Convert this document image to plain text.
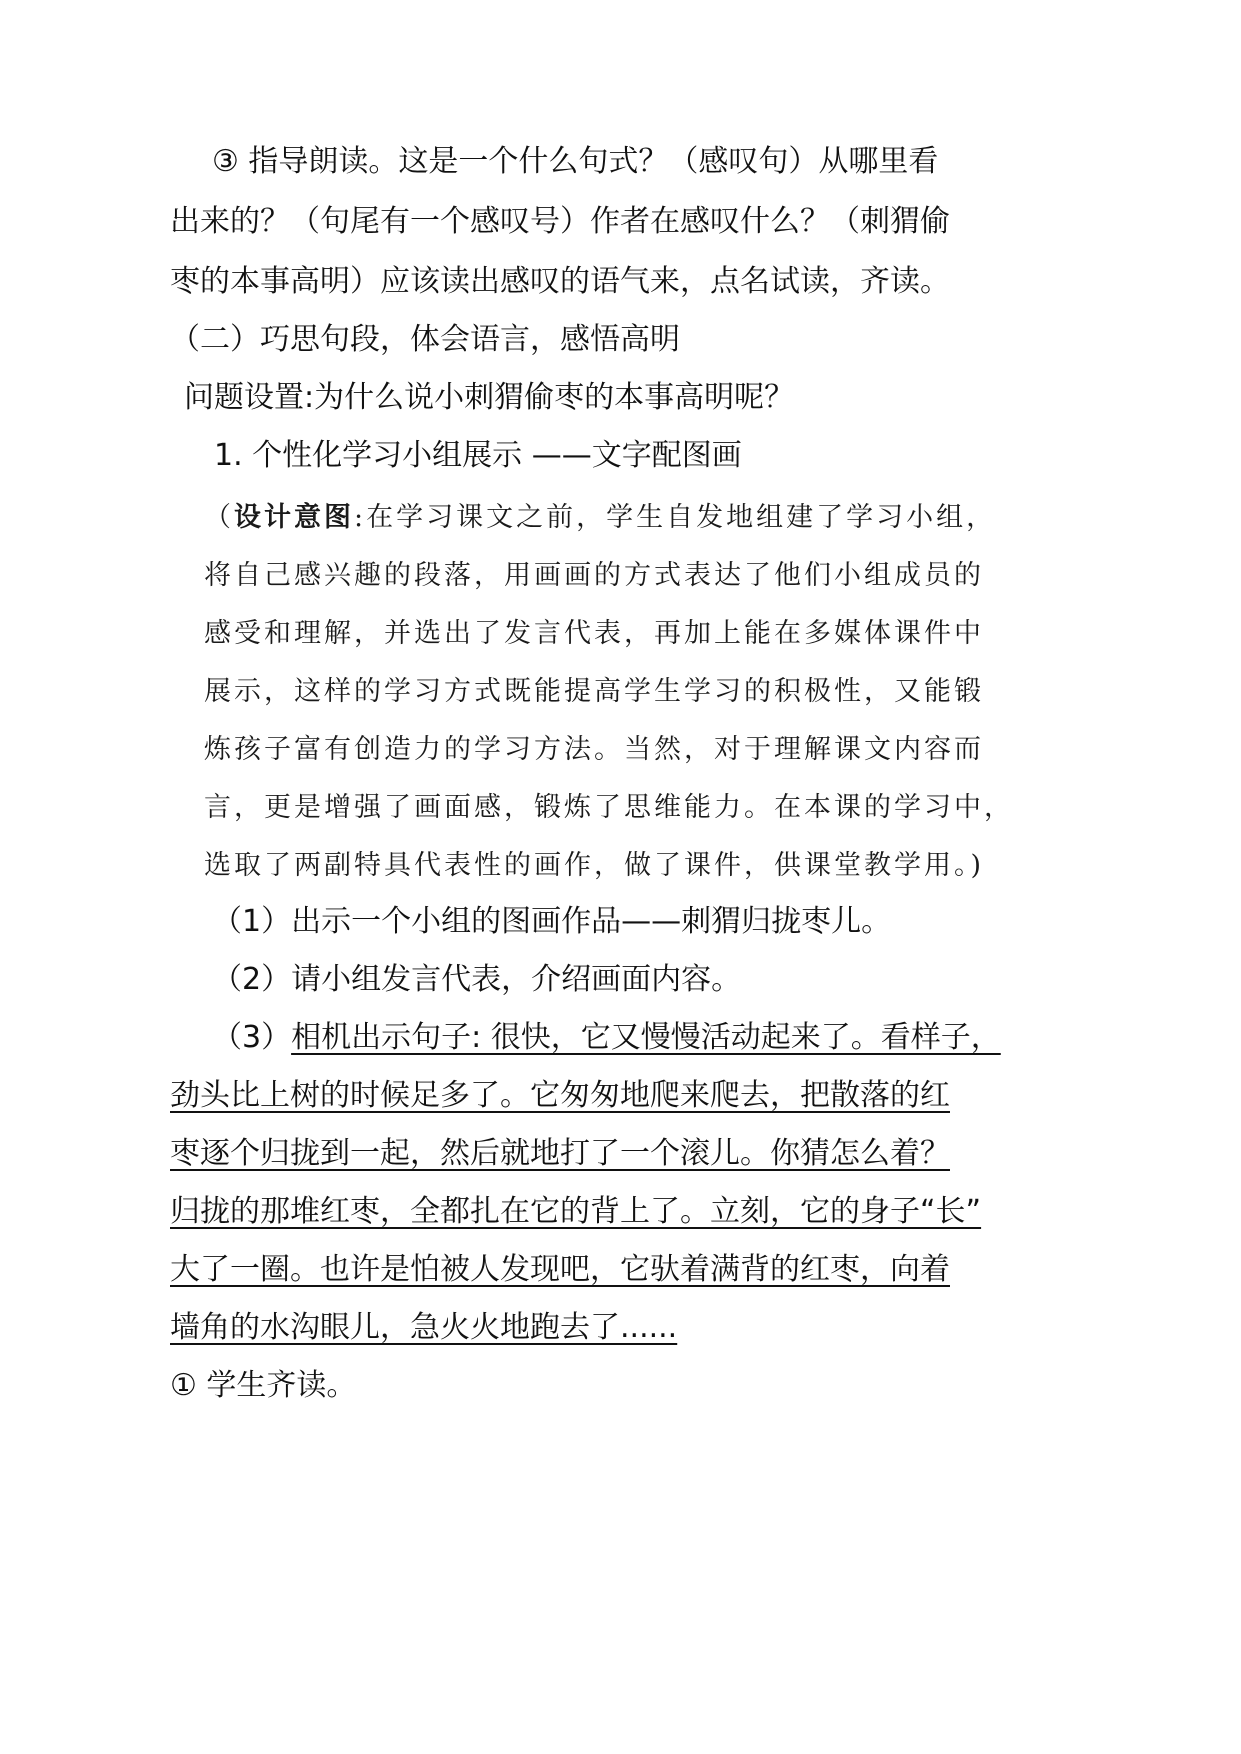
③ 指导朗读。这是一个什么句式？（感叹句）从哪里看
出来的？（句尾有一个感叹号）作者在感叹什么？（刺猬偷
枣的本事高明）应该读出感叹的语气来，点名试读，齐读。
（二）巧思句段，体会语言，感悟高明
问题设置:为什么说小刺猬偷枣的本事高明呢？
1. 个性化学习小组展示 ——文字配图画
（设计意图:在学习课文之前，学生自发地组建了学习小组，
将自己感兴趣的段落，用画画的方式表达了他们小组成员的
感受和理解，并选出了发言代表，再加上能在多媒体课件中
展示，这样的学习方式既能提高学生学习的积极性，又能锻
炼孩子富有创造力的学习方法。当然，对于理解课文内容而
言，更是增强了画面感，锻炼了思维能力。在本课的学习中，
选取了两副特具代表性的画作，做了课件，供课堂教学用。)
（1）出示一个小组的图画作品——刺猬归拢枣儿。
（2）请小组发言代表，介绍画面内容。
（3）相机出示句子: 很快，它又慢慢活动起来了。看样子，
劲头比上树的时候足多了。它匆匆地爬来爬去，把散落的红
枣逐个归拢到一起，然后就地打了一个滚儿。你猜怎么着？
归拢的那堆红枣，全都扎在它的背上了。立刻，它的身子“长”
大了一圈。也许是怕被人发现吧，它驮着满背的红枣，向着
墙角的水沟眼儿，急火火地跑去了......
① 学生齐读。
